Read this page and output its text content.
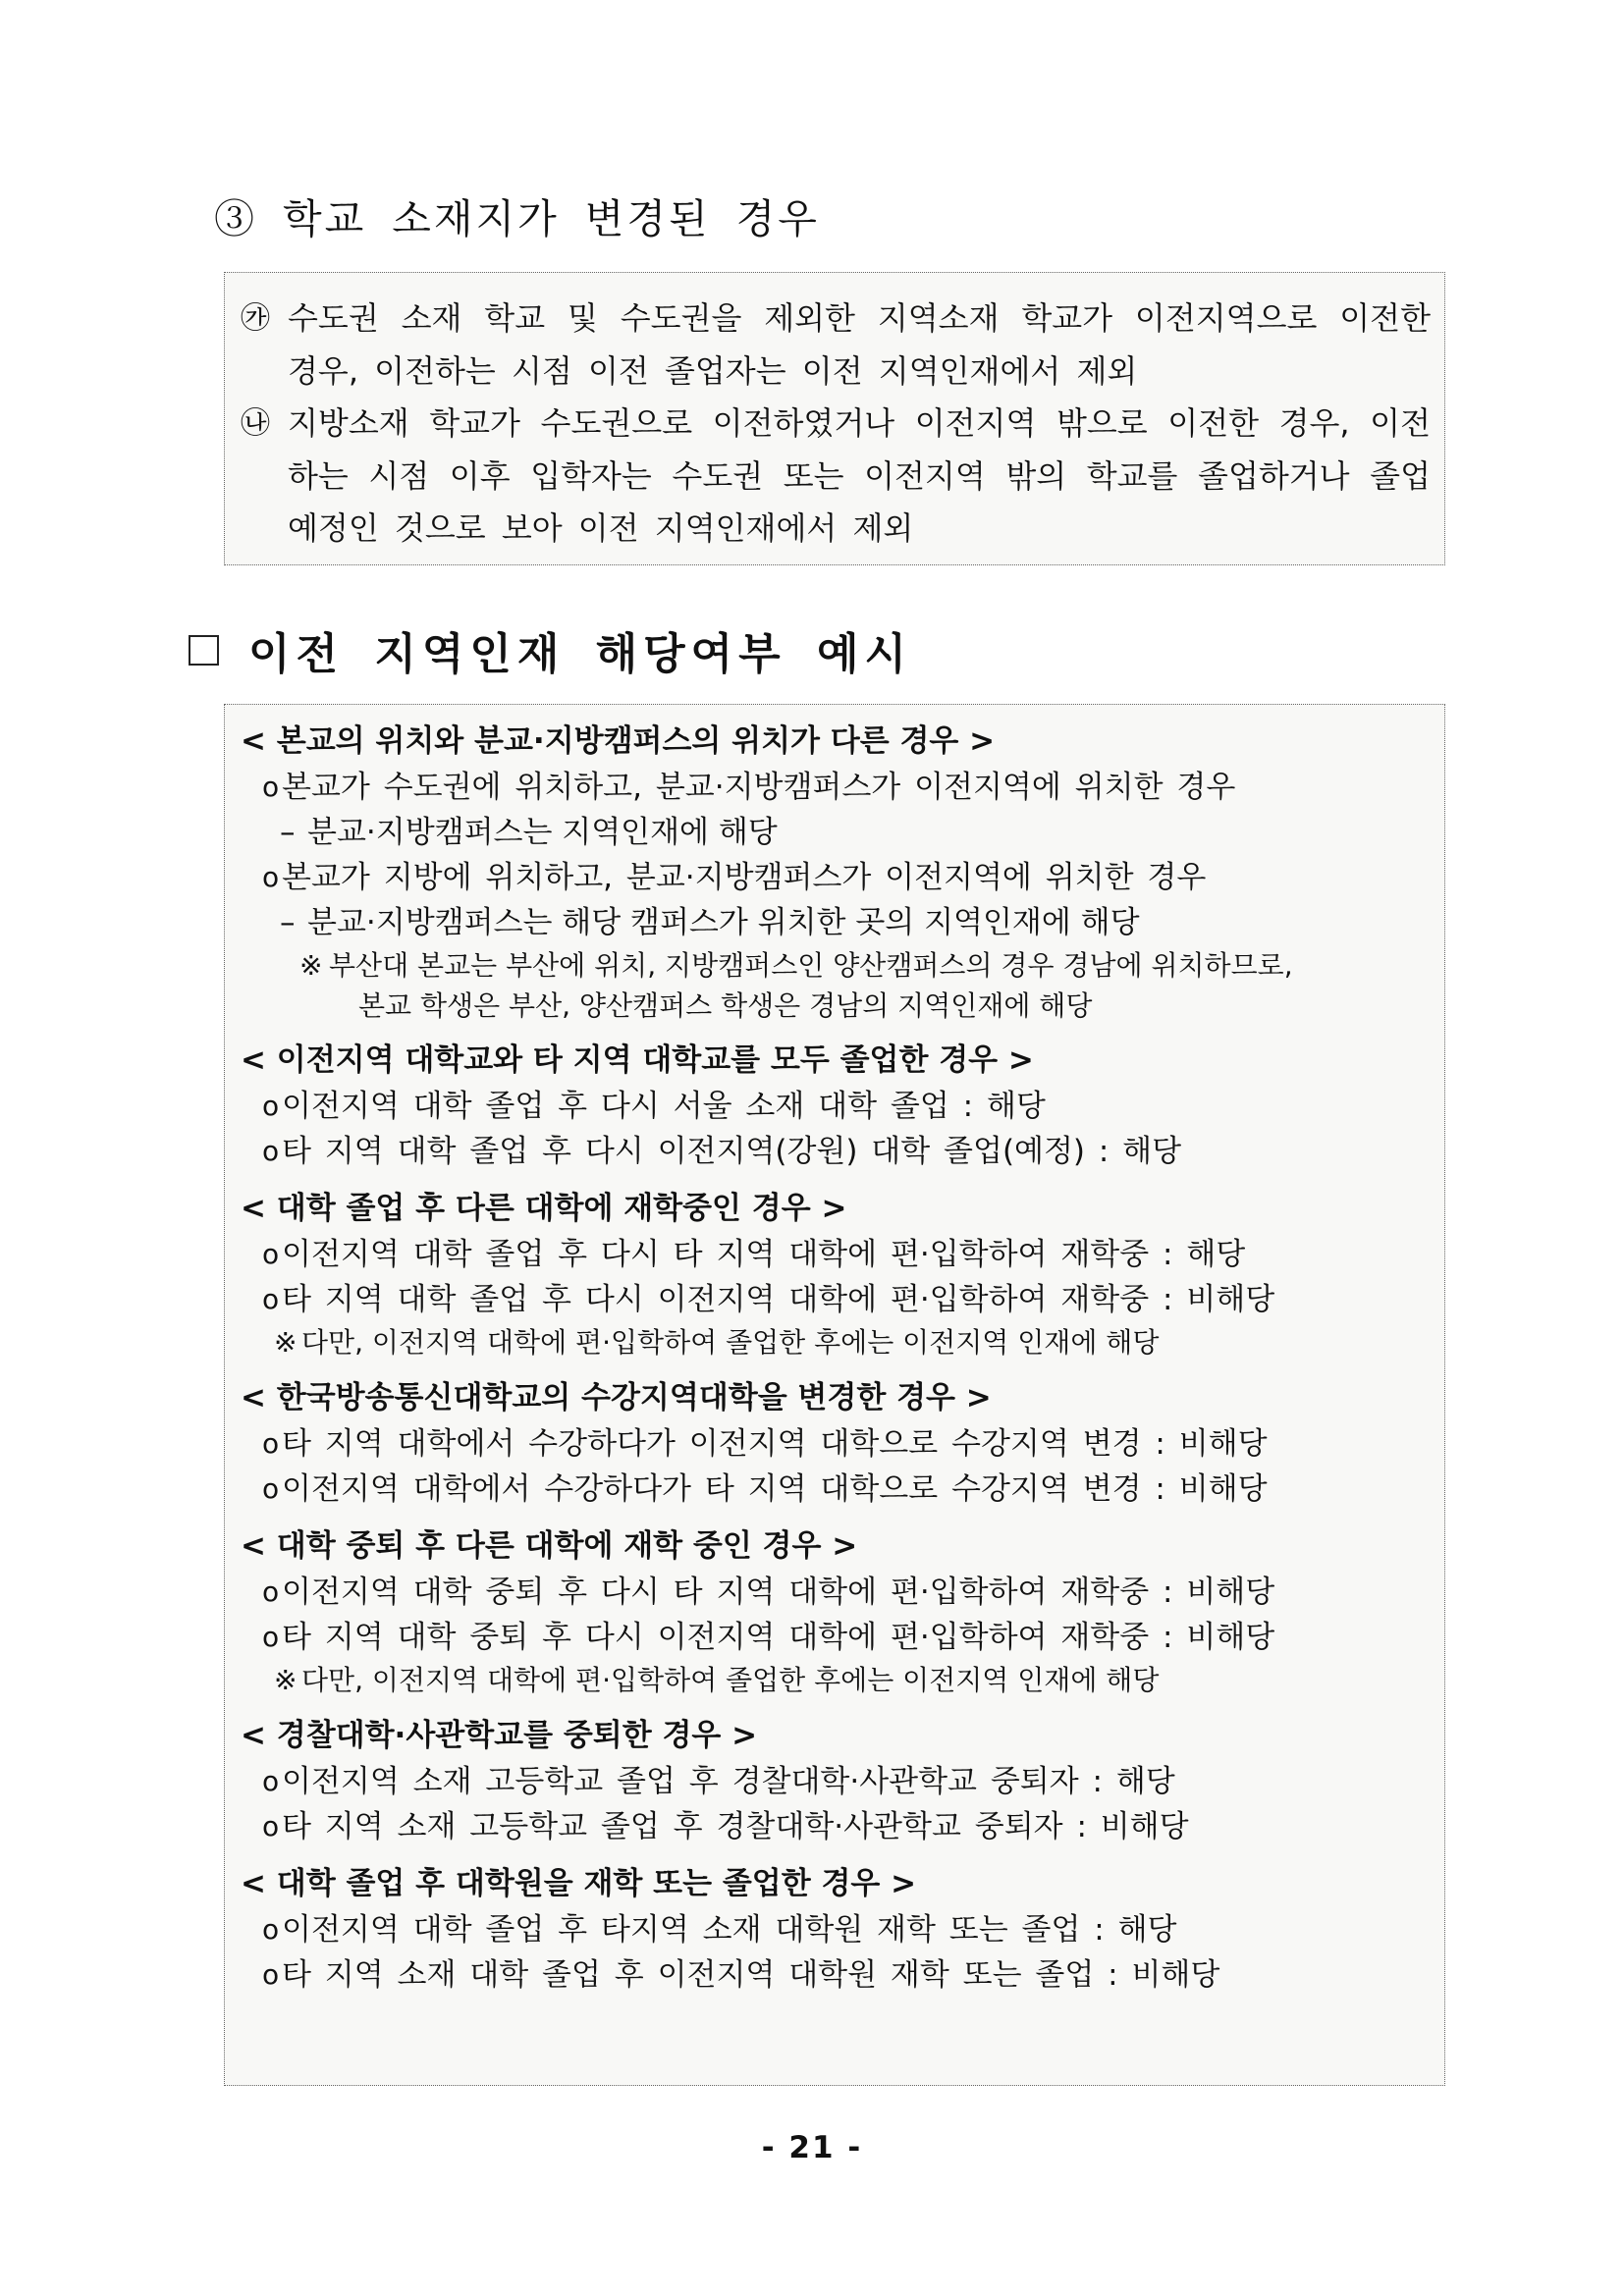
③ 학교 소재지가 변경된 경우
㉮ 수도권 소재 학교 및 수도권을 제외한 지역소재 학교가 이전지역으로 이전한
경우, 이전하는 시점 이전 졸업자는 이전 지역인재에서 제외
㉯ 지방소재 학교가 수도권으로 이전하였거나 이전지역 밖으로 이전한 경우, 이전
하는 시점 이후 입학자는 수도권 또는 이전지역 밖의 학교를 졸업하거나 졸업
예정인 것으로 보아 이전 지역인재에서 제외
이전 지역인재 해당여부 예시
< 본교의 위치와 분교·지방캠퍼스의 위치가 다른 경우 >
o 본교가 수도권에 위치하고, 분교·지방캠퍼스가 이전지역에 위치한 경우
– 분교·지방캠퍼스는 지역인재에 해당
o 본교가 지방에 위치하고, 분교·지방캠퍼스가 이전지역에 위치한 경우
– 분교·지방캠퍼스는 해당 캠퍼스가 위치한 곳의 지역인재에 해당
※ 부산대 본교는 부산에 위치, 지방캠퍼스인 양산캠퍼스의 경우 경남에 위치하므로,
본교 학생은 부산, 양산캠퍼스 학생은 경남의 지역인재에 해당
< 이전지역 대학교와 타 지역 대학교를 모두 졸업한 경우 >
o 이전지역 대학 졸업 후 다시 서울 소재 대학 졸업 : 해당
o 타 지역 대학 졸업 후 다시 이전지역(강원) 대학 졸업(예정) : 해당
< 대학 졸업 후 다른 대학에 재학중인 경우 >
o 이전지역 대학 졸업 후 다시 타 지역 대학에 편·입학하여 재학중 : 해당
o 타 지역 대학 졸업 후 다시 이전지역 대학에 편·입학하여 재학중 : 비해당
※ 다만, 이전지역 대학에 편·입학하여 졸업한 후에는 이전지역 인재에 해당
< 한국방송통신대학교의 수강지역대학을 변경한 경우 >
o 타 지역 대학에서 수강하다가 이전지역 대학으로 수강지역 변경 : 비해당
o 이전지역 대학에서 수강하다가 타 지역 대학으로 수강지역 변경 : 비해당
< 대학 중퇴 후 다른 대학에 재학 중인 경우 >
o 이전지역 대학 중퇴 후 다시 타 지역 대학에 편·입학하여 재학중 : 비해당
o 타 지역 대학 중퇴 후 다시 이전지역 대학에 편·입학하여 재학중 : 비해당
※ 다만, 이전지역 대학에 편·입학하여 졸업한 후에는 이전지역 인재에 해당
< 경찰대학·사관학교를 중퇴한 경우 >
o 이전지역 소재 고등학교 졸업 후 경찰대학·사관학교 중퇴자 : 해당
o 타 지역 소재 고등학교 졸업 후 경찰대학·사관학교 중퇴자 : 비해당
< 대학 졸업 후 대학원을 재학 또는 졸업한 경우 >
o 이전지역 대학 졸업 후 타지역 소재 대학원 재학 또는 졸업 : 해당
o 타 지역 소재 대학 졸업 후 이전지역 대학원 재학 또는 졸업 : 비해당
- 21 -
